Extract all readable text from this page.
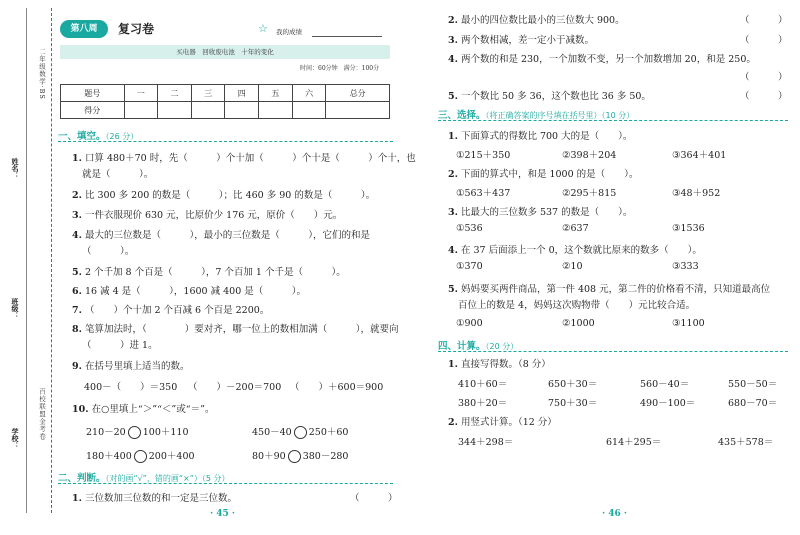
姓名：
班级：
学校：
二年级数学·BS
百校联盟金考卷
第八周	复习卷	☆ 我的成绩
买电器　回收废电池　十年的变化
时间：60分钟　满分：100分
题号	一	二	三	四	五	六	总分
得分							
一、填空。（26 分）
1. 口算 480＋70 时，先（　　　）个十加（　　　）个十是（　　　）个十，也
就是（　　　）。
2. 比 300 多 200 的数是（　　　）；比 460 多 90 的数是（　　　）。
3. 一件衣服现价 630 元，比原价少 176 元，原价（　　）元。
4. 最大的三位数是（　　　），最小的三位数是（　　　），它们的和是
（　　　）。
5. 2 个千加 8 个百是（　　　），7 个百加 1 个千是（　　　）。
6. 16 减 4 是（　　　），1600 减 400 是（　　　）。
7. （　　）个十加 2 个百减 6 个百是 2200。
8. 笔算加法时，（　　　　）要对齐，哪一位上的数相加满（　　　），就要向
（　　　）进 1。
9. 在括号里填上适当的数。
400－（　　）＝350 （　　）－200＝700 （　　）＋600＝900
10. 在○里填上“＞”“＜”或“＝”。
210－20 100＋110	450－40 250＋60
180＋400 200＋400	80＋90 380－280
二、判断。（对的画“√”，错的画“×”）（5 分）
1. 三位数加三位数的和一定是三位数。	（　　　）
· 45 ·
2. 最小的四位数比最小的三位数大 900。	（　　　）
3. 两个数相减，差一定小于减数。	（　　　）
4. 两个数的和是 230，一个加数不变，另一个加数增加 20，和是 250。
（　　　）
5. 一个数比 50 多 36，这个数也比 36 多 50。	（　　　）
三、选择。（将正确答案的序号填在括号里）（10 分）
1. 下面算式的得数比 700 大的是（　　）。
①215＋350	②398＋204	③364＋401
2. 下面的算式中，和是 1000 的是（　　）。
①563＋437	②295＋815	③48＋952
3. 比最大的三位数多 537 的数是（　　）。
①536	②637	③1536
4. 在 37 后面添上一个 0，这个数就比原来的数多（　　）。
①370	②10	③333
5. 妈妈要买两件商品，第一件 408 元，第二件的价格看不清，只知道最高位
百位上的数是 4，妈妈这次购物带（　　）元比较合适。
①900	②1000	③1100
四、计算。（20 分）
1. 直接写得数。（8 分）
410＋60＝	650＋30＝	560－40＝	550－50＝
380＋20＝	750＋30＝	490－100＝	680－70＝
2. 用竖式计算。（12 分）
344＋298＝	614＋295＝	435＋578＝
· 46 ·
